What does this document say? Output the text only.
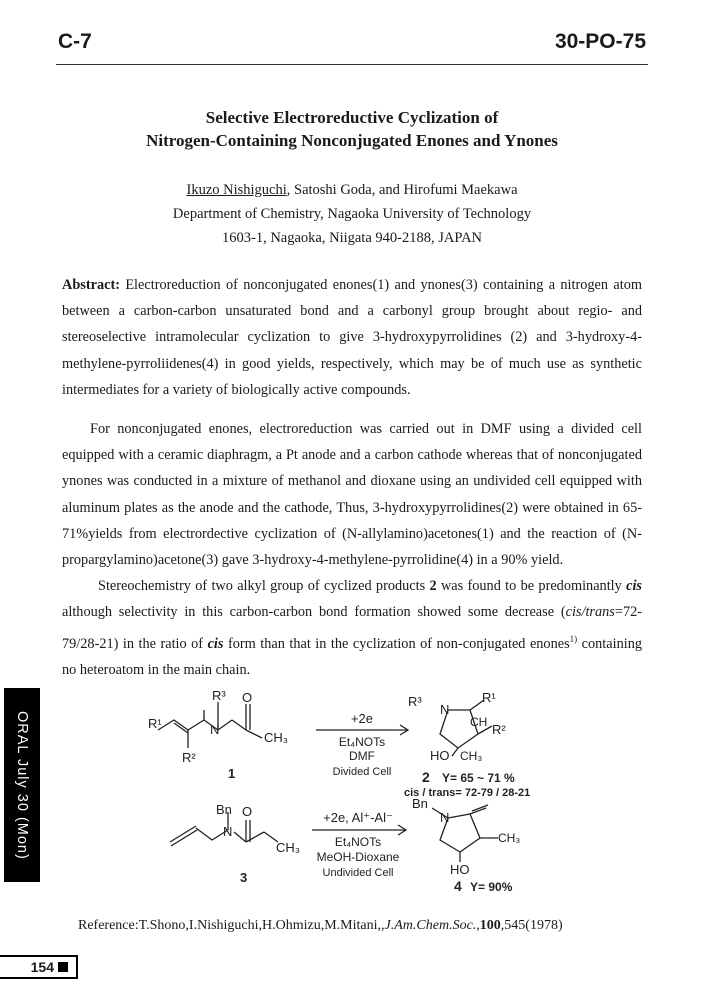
C-7	30-PO-75
Selective Electroreductive Cyclization of
Nitrogen-Containing Nonconjugated Enones and Ynones
Ikuzo Nishiguchi, Satoshi Goda, and Hirofumi Maekawa
Department of Chemistry, Nagaoka University of Technology
1603-1, Nagaoka, Niigata 940-2188, JAPAN
Abstract: Electroreduction of nonconjugated enones(1) and ynones(3) containing a nitrogen atom between a carbon-carbon unsaturated bond and a carbonyl group brought about regio- and stereoselective intramolecular cyclization to give 3-hydroxypyrrolidines (2) and 3-hydroxy-4-methylene-pyrroliidenes(4) in good yields, respectively, which may be of much use as synthetic intermediates for a variety of biologically active compounds.

For nonconjugated enones, electroreduction was carried out in DMF using a divided cell equipped with a ceramic diaphragm, a Pt anode and a carbon cathode whereas that of nonconjugated ynones was conducted in a mixture of methanol and dioxane using an undivided cell equipped with aluminum plates as the anode and the cathode, Thus, 3-hydroxypyrrolidines(2) were obtained in 65-71%yields from electrordective cyclization of (N-allylamino)acetones(1) and the reaction of (N-propargylamino)acetone(3) gave 3-hydroxy-4-methylene-pyrrolidine(4) in a 90% yield.

Stereochemistry of two alkyl group of cyclized products 2 was found to be predominantly cis although selectivity in this carbon-carbon bond formation showed some decrease (cis/trans=72-79/28-21) in the ratio of cis form than that in the cyclization of non-conjugated enones$^{1)}$ containing no heteroatom in the main chain.

ORAL July 30 (Mon)	R¹
R²
R³ O
N
CH₃
1
+2e
Et₄NOTs
DMF
Divided Cell
R³
N
R¹
CH R²
HO CH₃
2 Y= 65 ~ 71 %
cis / trans= 72-79 / 28-21
Bn O
N
CH₃
3
+2e, Al⁺-Al⁻
Et₄NOTs
MeOH-Dioxane
Undivided Cell
Bn
N
CH₃
HO
4 Y= 90%
Reference:T.Shono,I.Nishiguchi,H.Ohmizu,M.Mitani,,J.Am.Chem.Soc.,100,545(1978)
154
